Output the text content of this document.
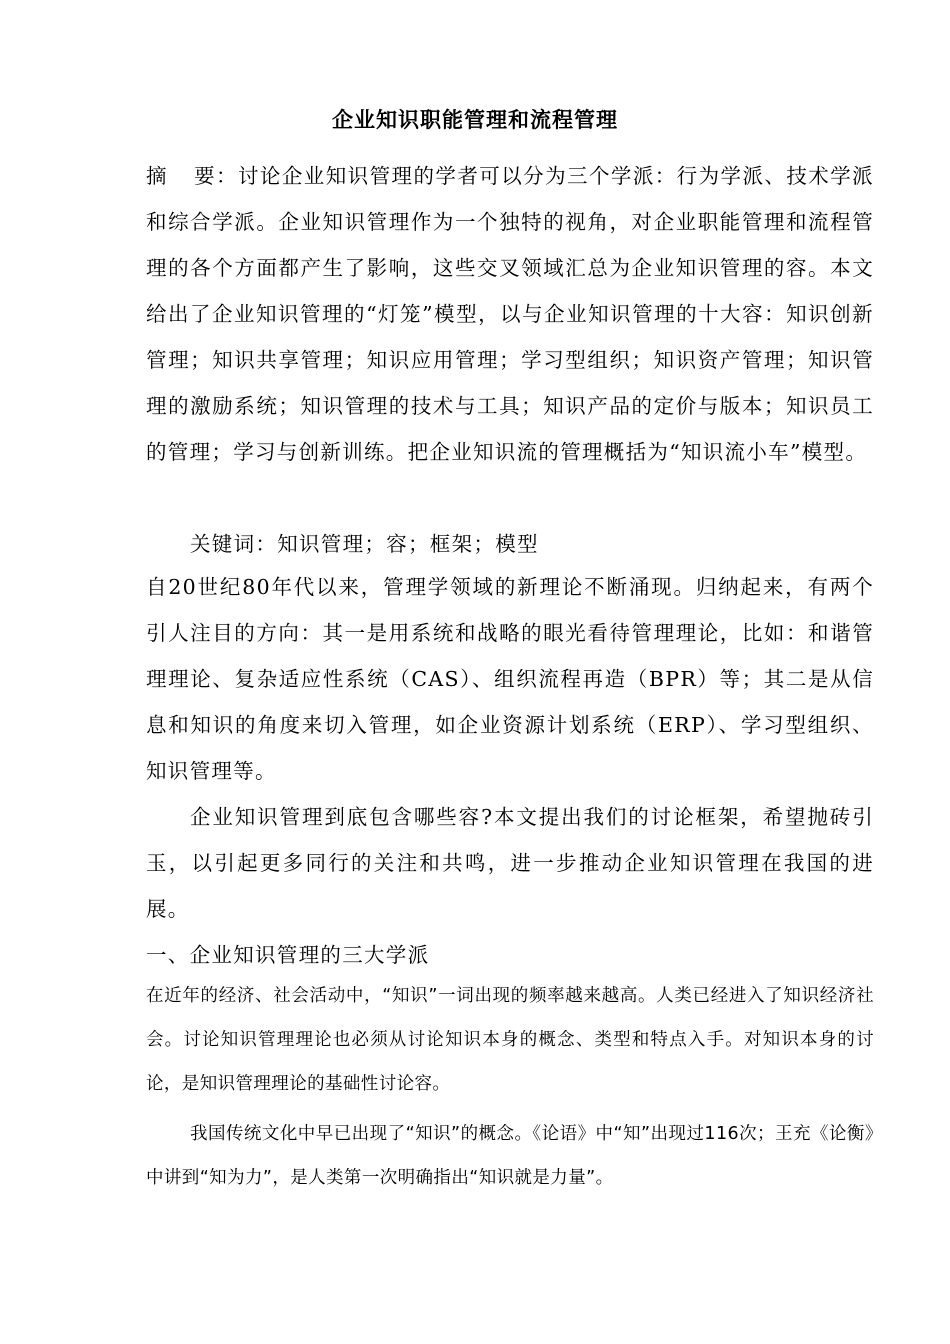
企业知识职能管理和流程管理

摘 要：讨论企业知识管理的学者可以分为三个学派：行为学派、技术学派和综合学派。企业知识管理作为一个独特的视角，对企业职能管理和流程管理的各个方面都产生了影响，这些交叉领域汇总为企业知识管理的容。本文给出了企业知识管理的“灯笼”模型，以与企业知识管理的十大容：知识创新管理；知识共享管理；知识应用管理；学习型组织；知识资产管理；知识管理的激励系统；知识管理的技术与工具；知识产品的定价与版本；知识员工的管理；学习与创新训练。把企业知识流的管理概括为“知识流小车”模型。

关键词：知识管理；容；框架；模型

自20世纪80年代以来，管理学领域的新理论不断涌现。归纳起来，有两个引人注目的方向：其一是用系统和战略的眼光看待管理理论，比如：和谐管理理论、复杂适应性系统（CAS）、组织流程再造（BPR）等；其二是从信息和知识的角度来切入管理，如企业资源计划系统（ERP）、学习型组织、知识管理等。

企业知识管理到底包含哪些容?本文提出我们的讨论框架，希望抛砖引玉，以引起更多同行的关注和共鸣，进一步推动企业知识管理在我国的进展。

一、企业知识管理的三大学派

在近年的经济、社会活动中，“知识”一词出现的频率越来越高。人类已经进入了知识经济社会。讨论知识管理理论也必须从讨论知识本身的概念、类型和特点入手。对知识本身的讨论，是知识管理理论的基础性讨论容。

我国传统文化中早已出现了“知识”的概念。《论语》中“知”出现过116次；王充《论衡》中讲到“知为力”，是人类第一次明确指出“知识就是力量”。
